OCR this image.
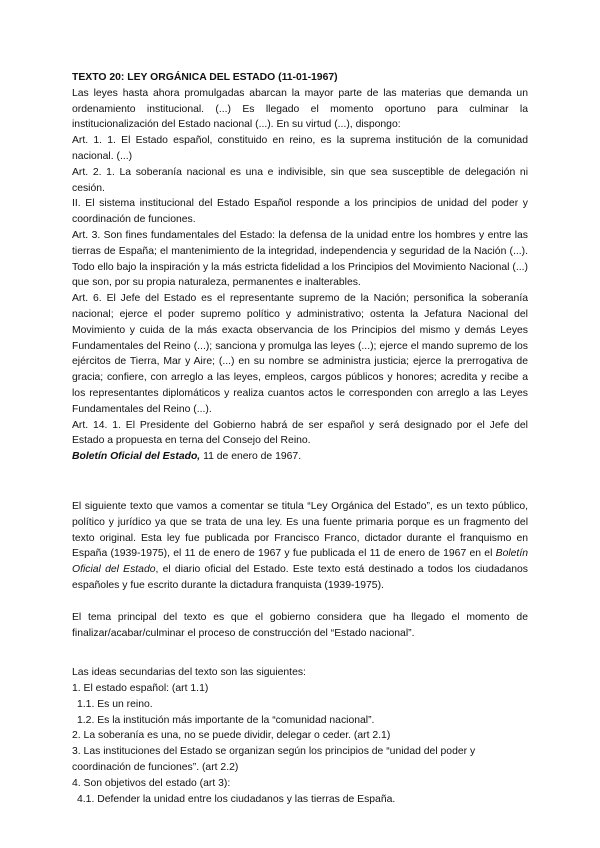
TEXTO 20: LEY ORGÁNICA DEL ESTADO (11-01-1967)

Las leyes hasta ahora promulgadas abarcan la mayor parte de las materias que demanda un ordenamiento institucional. (...) Es llegado el momento oportuno para culminar la institucionalización del Estado nacional (...). En su virtud (...), dispongo:

Art. 1. 1. El Estado español, constituido en reino, es la suprema institución de la comunidad nacional. (...)

Art. 2. 1. La soberanía nacional es una e indivisible, sin que sea susceptible de delegación ni cesión.

II. El sistema institucional del Estado Español responde a los principios de unidad del poder y coordinación de funciones.

Art. 3. Son fines fundamentales del Estado: la defensa de la unidad entre los hombres y entre las tierras de España; el mantenimiento de la integridad, independencia y seguridad de la Nación (...). Todo ello bajo la inspiración y la más estricta fidelidad a los Principios del Movimiento Nacional (...) que son, por su propia naturaleza, permanentes e inalterables.

Art. 6. El Jefe del Estado es el representante supremo de la Nación; personifica la soberanía nacional; ejerce el poder supremo político y administrativo; ostenta la Jefatura Nacional del Movimiento y cuida de la más exacta observancia de los Principios del mismo y demás Leyes Fundamentales del Reino (...); sanciona y promulga las leyes (...); ejerce el mando supremo de los ejércitos de Tierra, Mar y Aire; (...) en su nombre se administra justicia; ejerce la prerrogativa de gracia; confiere, con arreglo a las leyes, empleos, cargos públicos y honores; acredita y recibe a los representantes diplomáticos y realiza cuantos actos le corresponden con arreglo a las Leyes Fundamentales del Reino (...).

Art. 14. 1. El Presidente del Gobierno habrá de ser español y será designado por el Jefe del Estado a propuesta en terna del Consejo del Reino.

Boletín Oficial del Estado, 11 de enero de 1967.

El siguiente texto que vamos a comentar se titula “Ley Orgánica del Estado”, es un texto público, político y jurídico ya que se trata de una ley. Es una fuente primaria porque es un fragmento del texto original. Esta ley fue publicada por Francisco Franco, dictador durante el franquismo en España (1939-1975), el 11 de enero de 1967 y fue publicada el 11 de enero de 1967 en el Boletín Oficial del Estado, el diario oficial del Estado. Este texto está destinado a todos los ciudadanos españoles y fue escrito durante la dictadura franquista (1939-1975).

El tema principal del texto es que el gobierno considera que ha llegado el momento de finalizar/acabar/culminar el proceso de construcción del “Estado nacional”.

Las ideas secundarias del texto son las siguientes:

1. El estado español: (art 1.1)

1.1. Es un reino.

1.2. Es la institución más importante de la “comunidad nacional”.

2. La soberanía es una, no se puede dividir, delegar o ceder. (art 2.1)

3. Las instituciones del Estado se organizan según los principios de “unidad del poder y coordinación de funciones”. (art 2.2)

4. Son objetivos del estado (art 3):

4.1. Defender la unidad entre los ciudadanos y las tierras de España.
